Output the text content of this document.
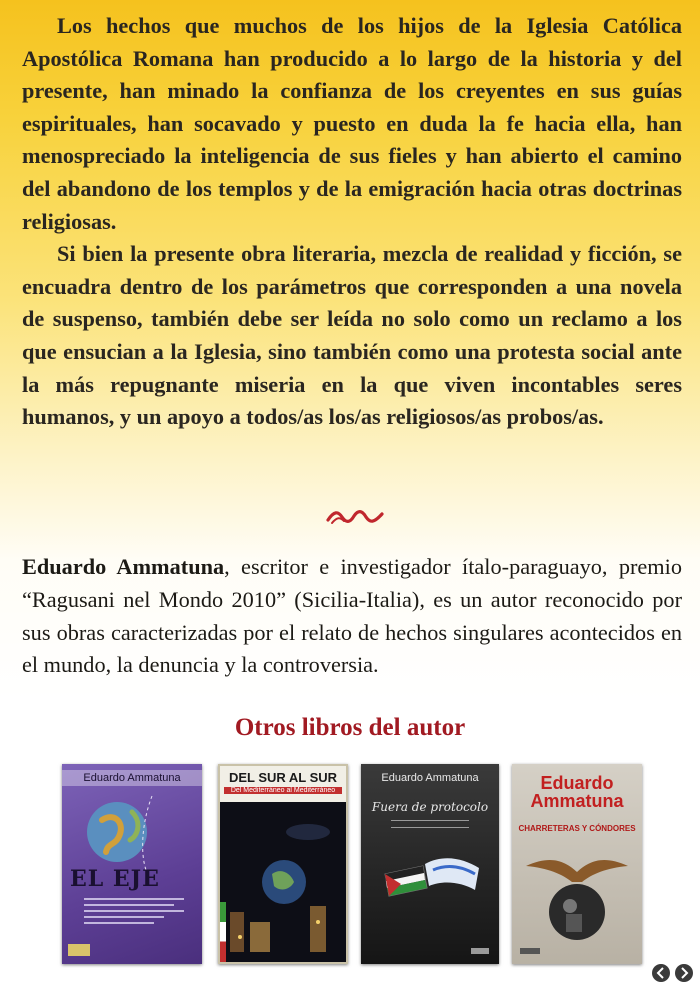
Los hechos que muchos de los hijos de la Iglesia Católica Apostólica Romana han producido a lo largo de la historia y del presente, han minado la confianza de los creyentes en sus guías espirituales, han socavado y puesto en duda la fe hacia ella, han menospreciado la inteligencia de sus fieles y han abierto el camino del abandono de los templos y de la emigración hacia otras doctrinas religiosas.

Si bien la presente obra literaria, mezcla de realidad y ficción, se encuadra dentro de los parámetros que corresponden a una novela de suspenso, también debe ser leída no solo como un reclamo a los que ensucian a la Iglesia, sino también como una protesta social ante la más repugnante miseria en la que viven incontables seres humanos, y un apoyo a todos/as los/as religiosos/as probos/as.

Eduardo Ammatuna, escritor e investigador ítalo-paraguayo, premio “Ragusani nel Mondo 2010” (Sicilia-Italia), es un autor reconocido por sus obras caracterizadas por el relato de hechos singulares acontecidos en el mundo, la denuncia y la controversia.

Otros libros del autor
Eduardo Ammatuna
EL EJE
DEL SUR AL SUR
Del Mediterráneo al Mediterráneo
Eduardo Ammatuna
Fuera de protocolo
Eduardo
Ammatuna
CHARRETERAS Y CÓNDORES
